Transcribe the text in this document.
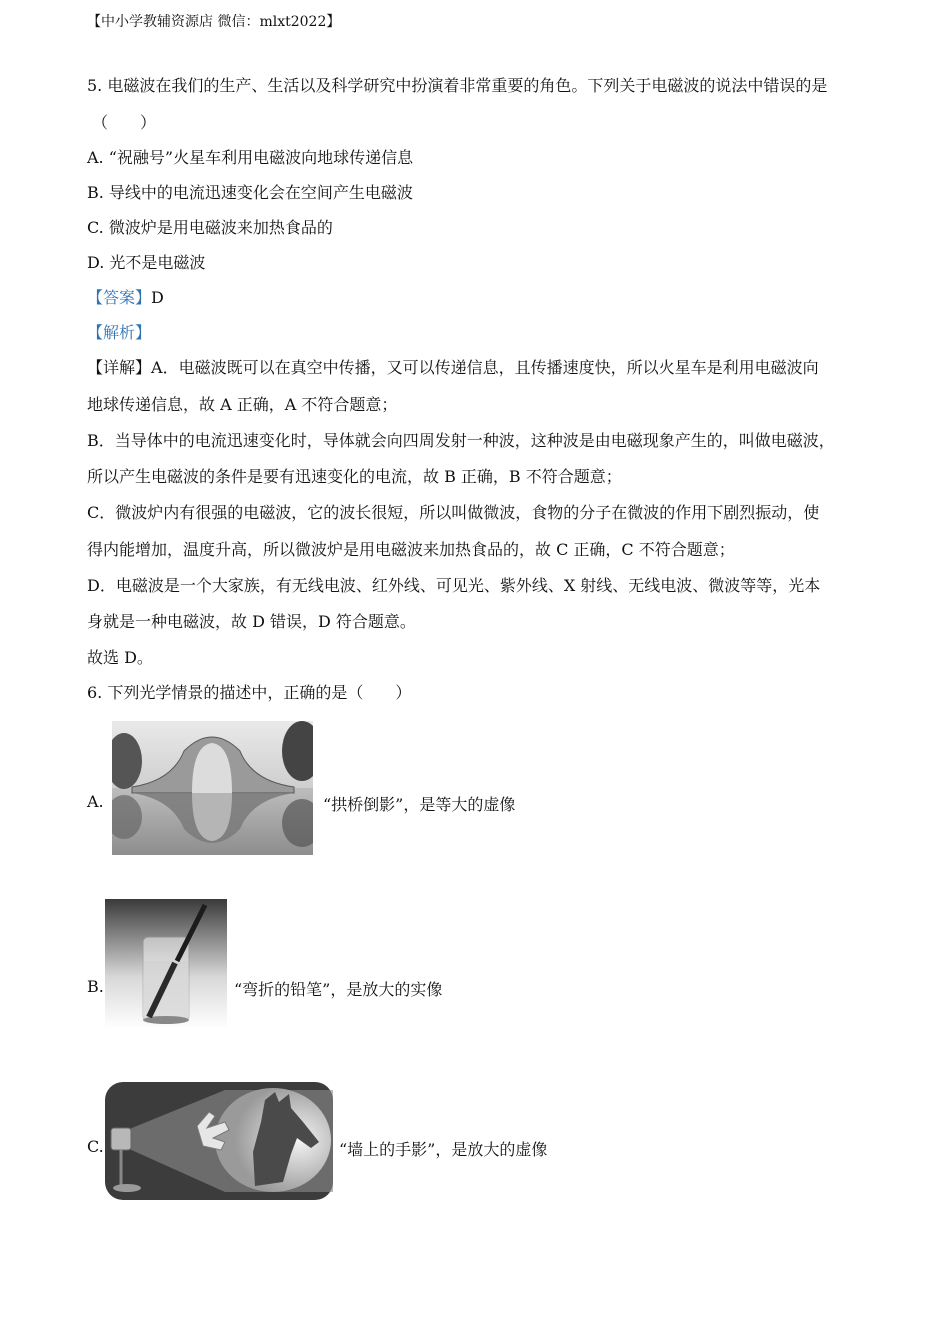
【中小学教辅资源店 微信：mlxt2022】
5. 电磁波在我们的生产、生活以及科学研究中扮演着非常重要的角色。下列关于电磁波的说法中错误的是
（　　）
A. “祝融号”火星车利用电磁波向地球传递信息
B. 导线中的电流迅速变化会在空间产生电磁波
C. 微波炉是用电磁波来加热食品的
D. 光不是电磁波
【答案】D
【解析】
【详解】A．电磁波既可以在真空中传播，又可以传递信息，且传播速度快，所以火星车是利用电磁波向
地球传递信息，故 A 正确，A 不符合题意；
B．当导体中的电流迅速变化时，导体就会向四周发射一种波，这种波是由电磁现象产生的，叫做电磁波，
所以产生电磁波的条件是要有迅速变化的电流，故 B 正确，B 不符合题意；
C．微波炉内有很强的电磁波，它的波长很短，所以叫做微波，食物的分子在微波的作用下剧烈振动，使
得内能增加，温度升高，所以微波炉是用电磁波来加热食品的，故 C 正确，C 不符合题意；
D．电磁波是一个大家族，有无线电波、红外线、可见光、紫外线、X 射线、无线电波、微波等等，光本
身就是一种电磁波，故 D 错误，D 符合题意。
故选 D。
6. 下列光学情景的描述中，正确的是（　　）
A.	“拱桥倒影”，是等大的虚像
B.	“弯折的铅笔”，是放大的实像
C.	“墙上的手影”，是放大的虚像
